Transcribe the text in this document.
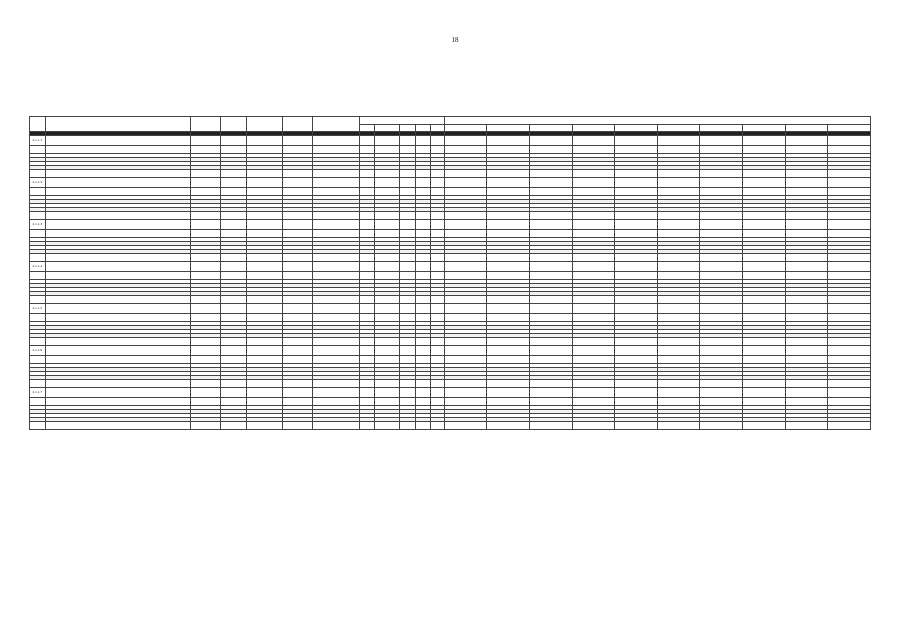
18

2.1.1.1																					

2.1.1.2																					

2.1.1.3																					

2.1.1.4																					

2.1.1.5																					

2.1.1.6																					

2.1.1.7																					
